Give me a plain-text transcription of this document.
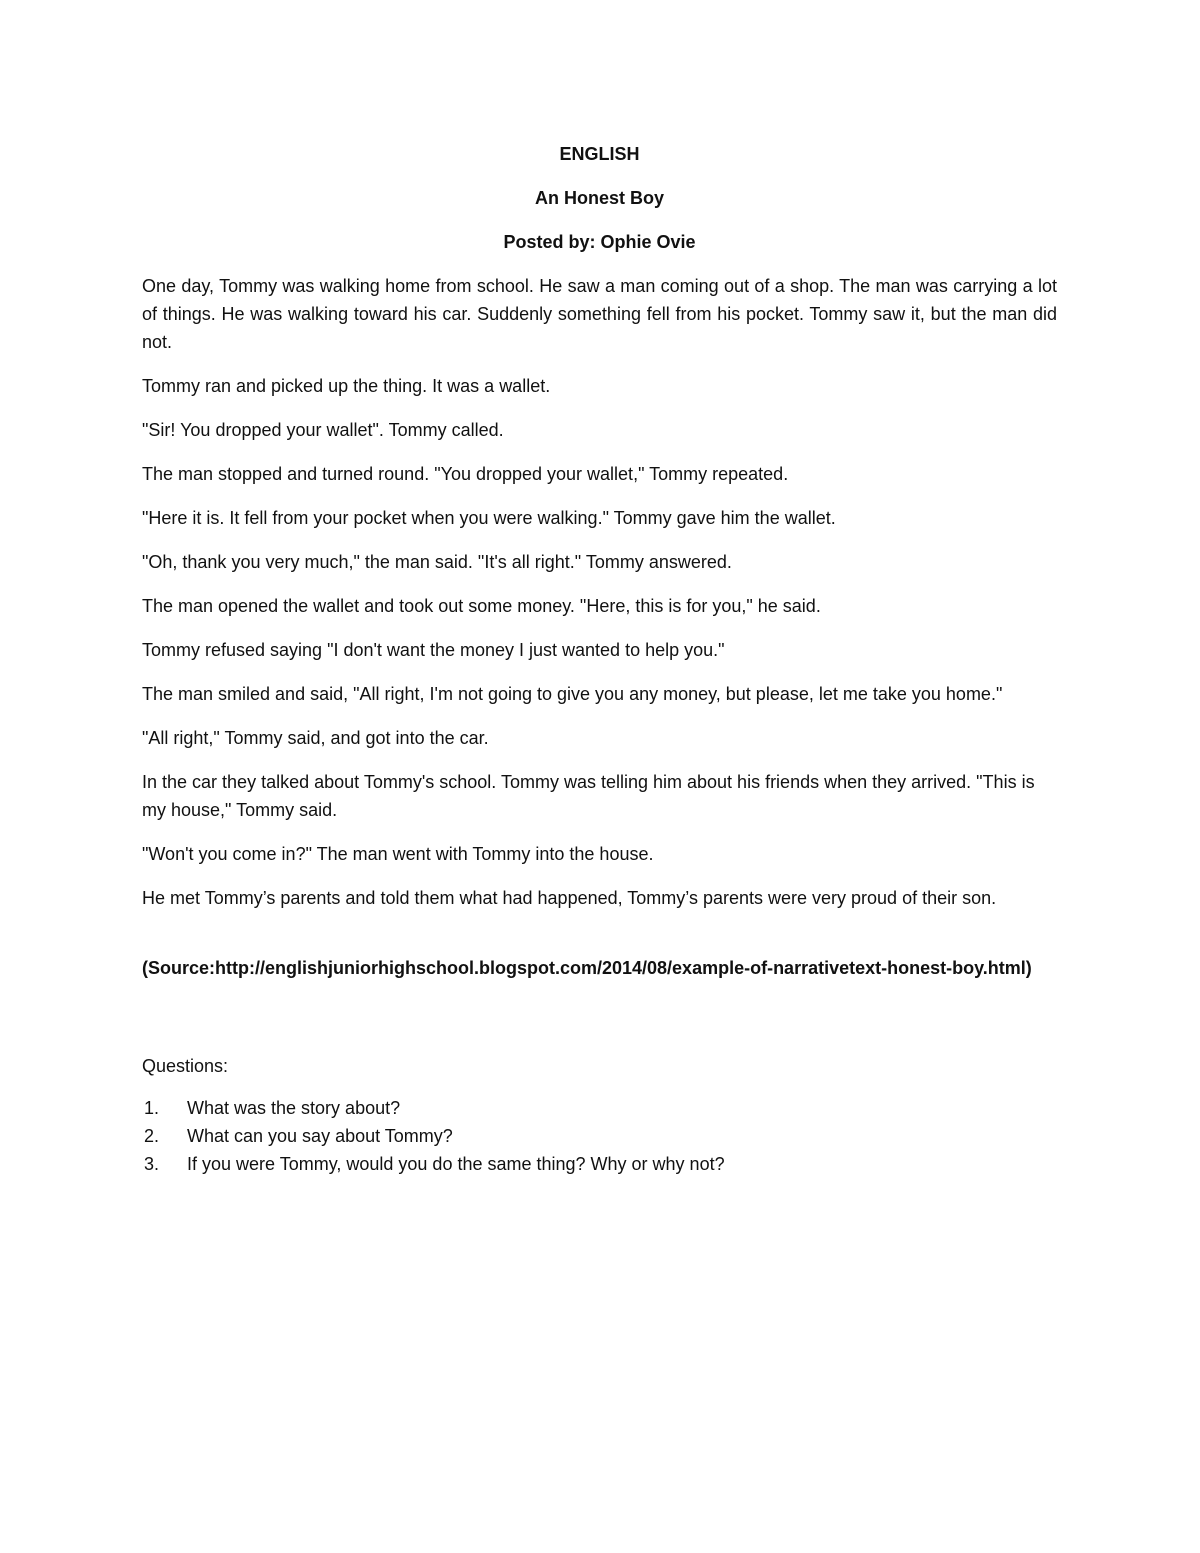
ENGLISH

An Honest Boy

Posted by: Ophie Ovie

One day, Tommy was walking home from school. He saw a man coming out of a shop. The man was carrying a lot of things. He was walking toward his car. Suddenly something fell from his pocket. Tommy saw it, but the man did not.

Tommy ran and picked up the thing. It was a wallet.

"Sir! You dropped your wallet". Tommy called.

The man stopped and turned round. "You dropped your wallet," Tommy repeated.

"Here it is. It fell from your pocket when you were walking." Tommy gave him the wallet.

"Oh, thank you very much," the man said. "It's all right." Tommy answered.

The man opened the wallet and took out some money. "Here, this is for you," he said.

Tommy refused saying "I don't want the money I just wanted to help you."

The man smiled and said, "All right, I'm not going to give you any money, but please, let me take you home."

"All right," Tommy said, and got into the car.

In the car they talked about Tommy's school. Tommy was telling him about his friends when they arrived. "This is my house," Tommy said.

"Won't you come in?" The man went with Tommy into the house.

He met Tommy’s parents and told them what had happened, Tommy’s parents were very proud of their son.

(Source:http://englishjuniorhighschool.blogspot.com/2014/08/example-of-narrativetext-honest-boy.html)

Questions:

1. What was the story about?
2. What can you say about Tommy?
3. If you were Tommy, would you do the same thing? Why or why not?
